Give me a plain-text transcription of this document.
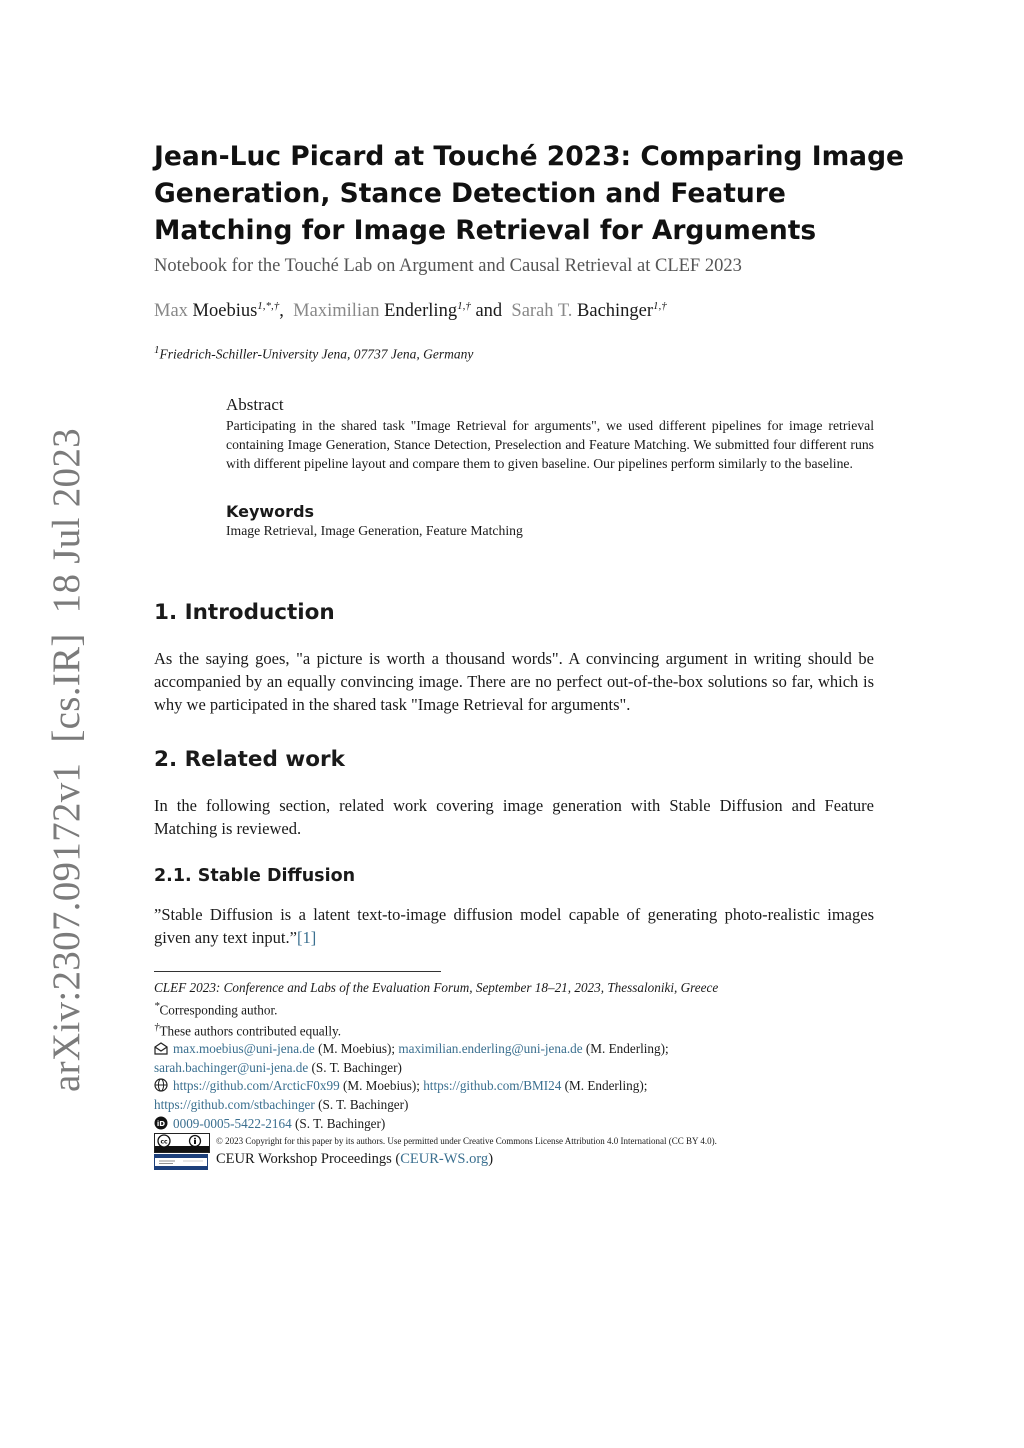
arXiv:2307.09172v1[cs.IR]18 Jul 2023
Jean-Luc Picard at Touché 2023: Comparing Image Generation, Stance Detection and Feature Matching for Image Retrieval for Arguments
Notebook for the Touché Lab on Argument and Causal Retrieval at CLEF 2023
Max Moebius$^{1,*,\dagger}$, Maximilian Enderling$^{1,\dagger}$ and Sarah T. Bachinger$^{1,\dagger}$
$^1$Friedrich-Schiller-University Jena, 07737 Jena, Germany
Abstract
Participating in the shared task "Image Retrieval for arguments", we used different pipelines for image retrieval containing Image Generation, Stance Detection, Preselection and Feature Matching. We submitted four different runs with different pipeline layout and compare them to given baseline. Our pipelines perform similarly to the baseline.
Keywords
Image Retrieval, Image Generation, Feature Matching
1. Introduction
As the saying goes, "a picture is worth a thousand words". A convincing argument in writing should be accompanied by an equally convincing image. There are no perfect out-of-the-box solutions so far, which is why we participated in the shared task "Image Retrieval for arguments".
2. Related work
In the following section, related work covering image generation with Stable Diffusion and Feature Matching is reviewed.
2.1. Stable Diffusion
”Stable Diffusion is a latent text-to-image diffusion model capable of generating photo-realistic images given any text input.”[1]
CLEF 2023: Conference and Labs of the Evaluation Forum, September 18–21, 2023, Thessaloniki, Greece
*Corresponding author.
†These authors contributed equally.
max.moebius@uni-jena.de (M. Moebius); maximilian.enderling@uni-jena.de (M. Enderling);
sarah.bachinger@uni-jena.de (S. T. Bachinger)
https://github.com/ArcticF0x99 (M. Moebius); https://github.com/BMI24 (M. Enderling);
https://github.com/stbachinger (S. T. Bachinger)
iD 0009-0005-5422-2164 (S. T. Bachinger)
cc	© 2023 Copyright for this paper by its authors. Use permitted under Creative Commons License Attribution 4.0 International (CC BY 4.0).
CEUR Workshop Proceedings (CEUR-WS.org)
